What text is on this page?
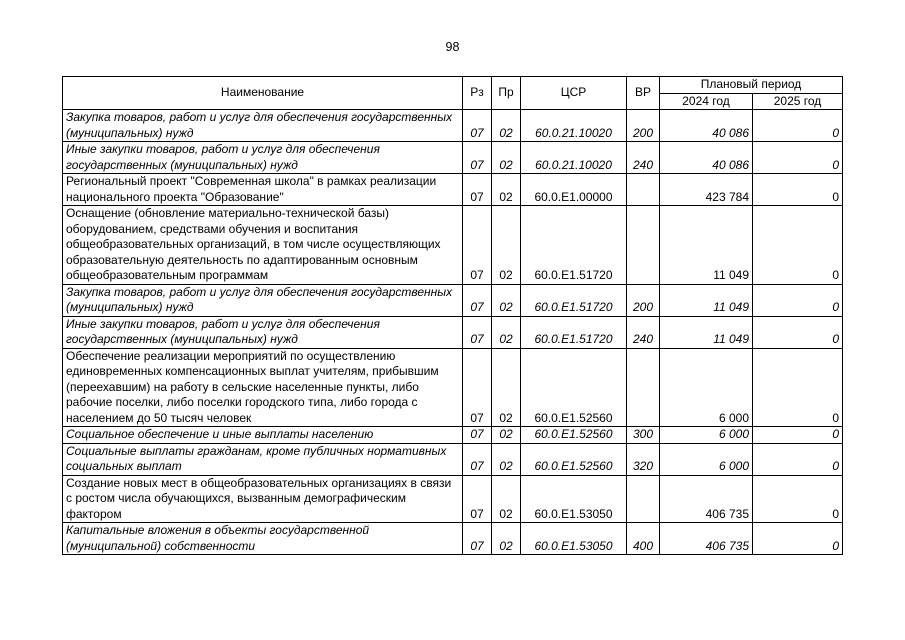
98
Наименование	Рз	Пр	ЦСР	ВР	Плановый период	
					2024 год	2025 год
Закупка товаров, работ и услуг для обеспечения государственных (муниципальных) нужд	07	02	60.0.21.10020	200	40 086	0
Иные закупки товаров, работ и услуг для обеспечения государственных (муниципальных) нужд	07	02	60.0.21.10020	240	40 086	0
Региональный проект "Современная школа" в рамках реализации национального проекта "Образование"	07	02	60.0.Е1.00000		423 784	0
Оснащение (обновление материально-технической базы) оборудованием, средствами обучения и воспитания общеобразовательных организаций, в том числе осуществляющих образовательную деятельность по адаптированным основным общеобразовательным программам	07	02	60.0.Е1.51720		11 049	0
Закупка товаров, работ и услуг для обеспечения государственных (муниципальных) нужд	07	02	60.0.Е1.51720	200	11 049	0
Иные закупки товаров, работ и услуг для обеспечения государственных (муниципальных) нужд	07	02	60.0.Е1.51720	240	11 049	0
Обеспечение реализации мероприятий по осуществлению единовременных компенсационных выплат учителям, прибывшим (переехавшим) на работу в сельские населенные пункты, либо рабочие поселки, либо поселки городского типа, либо города с населением до 50 тысяч человек	07	02	60.0.Е1.52560		6 000	0
Социальное обеспечение и иные выплаты населению	07	02	60.0.Е1.52560	300	6 000	0
Социальные выплаты гражданам, кроме публичных нормативных социальных выплат	07	02	60.0.Е1.52560	320	6 000	0
Создание новых мест в общеобразовательных организациях в связи с ростом числа обучающихся, вызванным демографическим фактором	07	02	60.0.Е1.53050		406 735	0
Капитальные вложения в объекты государственной (муниципальной) собственности	07	02	60.0.Е1.53050	400	406 735	0
